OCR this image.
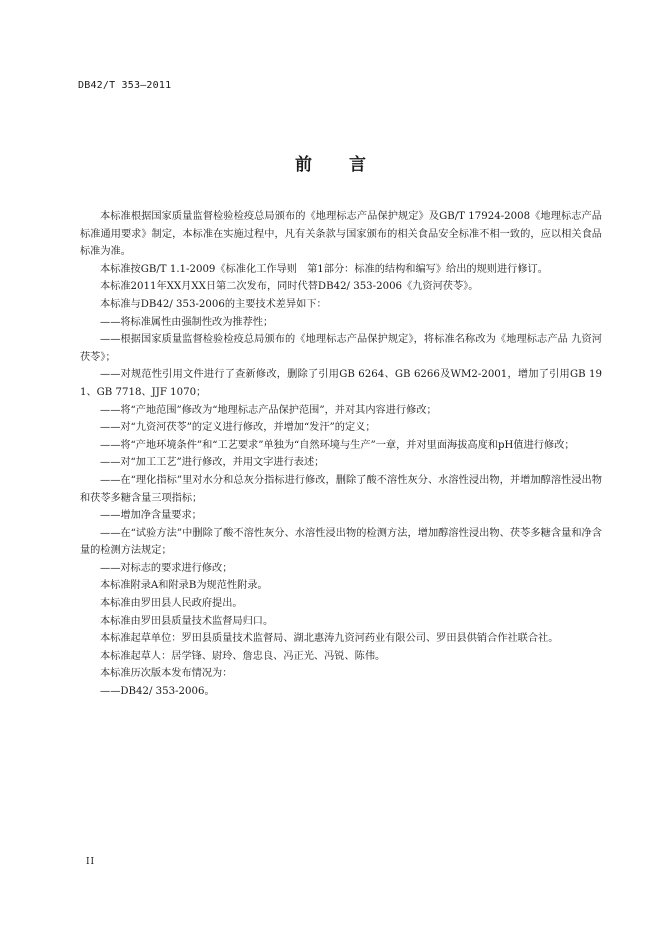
DB42/T 353—2011
前 言

本标准根据国家质量监督检验检疫总局颁布的《地理标志产品保护规定》及GB/T 17924-2008《地理标志产品标准通用要求》制定，本标准在实施过程中，凡有关条款与国家颁布的相关食品安全标准不相一致的，应以相关食品标准为准。

本标准按GB/T 1.1-2009《标准化工作导则　第1部分：标准的结构和编写》给出的规则进行修订。

本标准2011年XX月XX日第二次发布，同时代替DB42/ 353-2006《九资河茯苓》。

本标准与DB42/ 353-2006的主要技术差异如下：

——将标准属性由强制性改为推荐性；

——根据国家质量监督检验检疫总局颁布的《地理标志产品保护规定》，将标准名称改为《地理标志产品 九资河茯苓》；

——对规范性引用文件进行了查新修改，删除了引用GB 6264、GB 6266及WM2-2001，增加了引用GB 191、GB 7718、JJF 1070；

——将“产地范围”修改为“地理标志产品保护范围”，并对其内容进行修改；

——对“九资河茯苓”的定义进行修改，并增加“发汗”的定义；

——将“产地环境条件”和“工艺要求”单独为“自然环境与生产”一章，并对里面海拔高度和pH值进行修改；

——对“加工工艺”进行修改，并用文字进行表述；

——在“理化指标”里对水分和总灰分指标进行修改，删除了酸不溶性灰分、水溶性浸出物，并增加醇溶性浸出物和茯苓多糖含量三项指标；

——增加净含量要求；

——在“试验方法”中删除了酸不溶性灰分、水溶性浸出物的检测方法，增加醇溶性浸出物、茯苓多糖含量和净含量的检测方法规定；

——对标志的要求进行修改；

本标准附录A和附录B为规范性附录。

本标准由罗田县人民政府提出。

本标准由罗田县质量技术监督局归口。

本标准起草单位：罗田县质量技术监督局、湖北惠涛九资河药业有限公司、罗田县供销合作社联合社。

本标准起草人：居学锋、尉玲、詹忠良、冯正光、冯锐、陈伟。

本标准历次版本发布情况为：

——DB42/ 353-2006。

II
